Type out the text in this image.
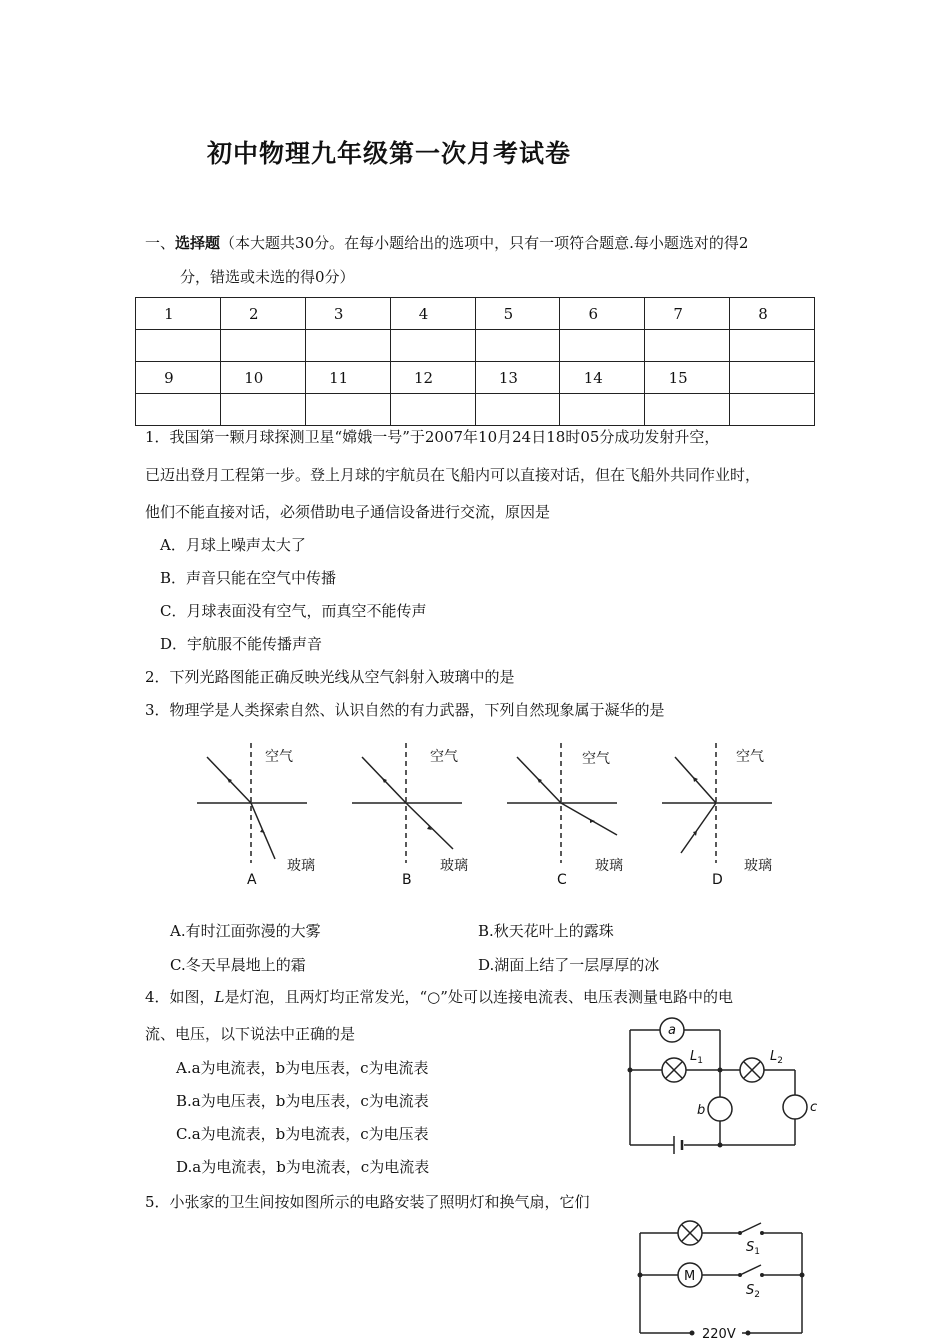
初中物理九年级第一次月考试卷
一、选择题（本大题共30分。在每小题给出的选项中，只有一项符合题意.每小题选对的得2
分，错选或未选的得0分）
1	2	3	4	5	6	7	8

9	10	11	12	13	14	15	

1．我国第一颗月球探测卫星“嫦娥一号”于2007年10月24日18时05分成功发射升空，
已迈出登月工程第一步。登上月球的宇航员在飞船内可以直接对话，但在飞船外共同作业时，
他们不能直接对话，必须借助电子通信设备进行交流，原因是
A．月球上噪声太大了
B．声音只能在空气中传播
C．月球表面没有空气，而真空不能传声
D．宇航服不能传播声音
2．下列光路图能正确反映光线从空气斜射入玻璃中的是
3．物理学是人类探索自然、认识自然的有力武器，下列自然现象属于凝华的是
空气
玻璃
A
空气
玻璃
B
空气
玻璃
C
空气
玻璃
D
A.有时江面弥漫的大雾	B.秋天花叶上的露珠
C.冬天早晨地上的霜	D.湖面上结了一层厚厚的冰
4．如图，L是灯泡，且两灯均正常发光，“○”处可以连接电流表、电压表测量电路中的电
流、电压，以下说法中正确的是
A.a为电流表，b为电压表，c为电流表
B.a为电压表，b为电压表，c为电流表
C.a为电流表，b为电流表，c为电压表
D.a为电流表，b为电流表，c为电流表
a
b	c
$L_1$	$L_2$
5．小张家的卫生间按如图所示的电路安装了照明灯和换气扇，它们
M
$S_1$
$S_2$
220V
